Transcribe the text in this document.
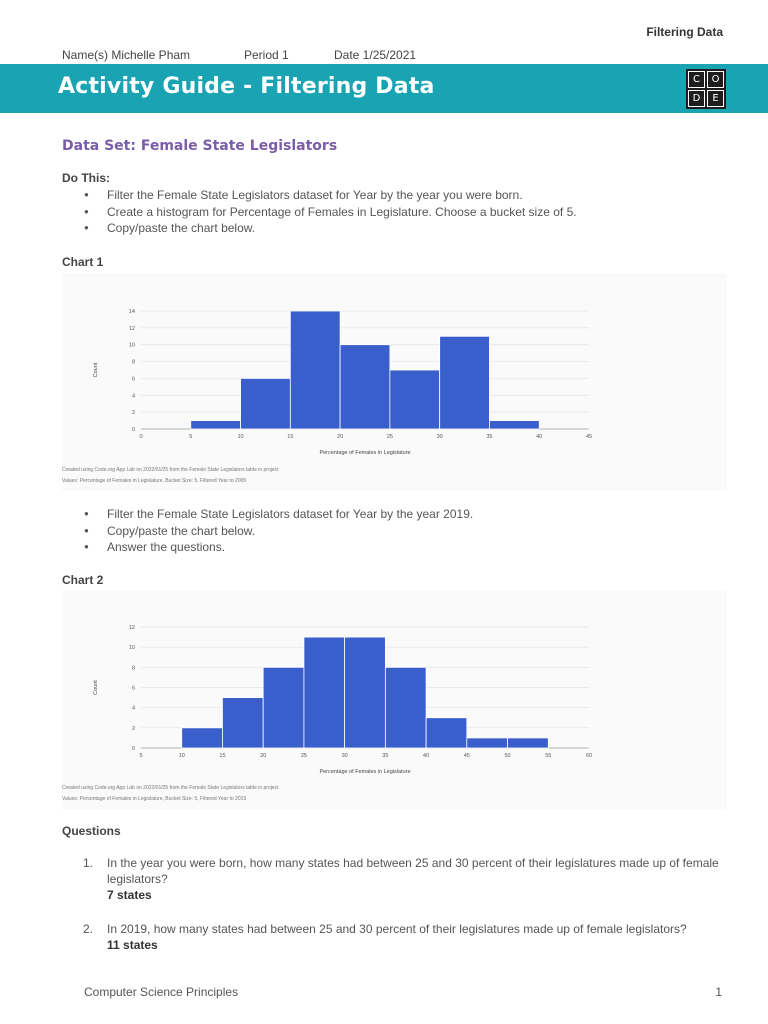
Filtering Data
Name(s) Michelle Pham	Period 1	Date 1/25/2021
Activity Guide - Filtering Data	C	O
D	E
Data Set: Female State Legislators
Do This:
● Filter the Female State Legislators dataset for Year by the year you were born.
● Create a histogram for Percentage of Females in Legislature. Choose a bucket size of 5.
● Copy/paste the chart below.
Chart 1
0
2
4
6
8
10
12
14
0	5	10	15	20	25	30	35	40	45
Percentage of Females in Legislature
Count
Created using Code.org App Lab on 2022/01/25 from the Female State Legislators table in project
Values: Percentage of Females in Legislature, Bucket Size: 5, Filtered Year to 2005
● Filter the Female State Legislators dataset for Year by the year 2019.
● Copy/paste the chart below.
● Answer the questions.
Chart 2
0
2
4
6
8
10
12
5	10	15	20	25	30	35	40	45	50	55	60
Percentage of Females in Legislature
Count
Created using Code.org App Lab on 2022/01/25 from the Female State Legislators table in project
Values: Percentage of Females in Legislature, Bucket Size: 5, Filtered Year to 2019
Questions
1. In the year you were born, how many states had between 25 and 30 percent of their legislatures made up of female legislators?
7 states
2. In 2019, how many states had between 25 and 30 percent of their legislatures made up of female legislators?
11 states
Computer Science Principles	1
